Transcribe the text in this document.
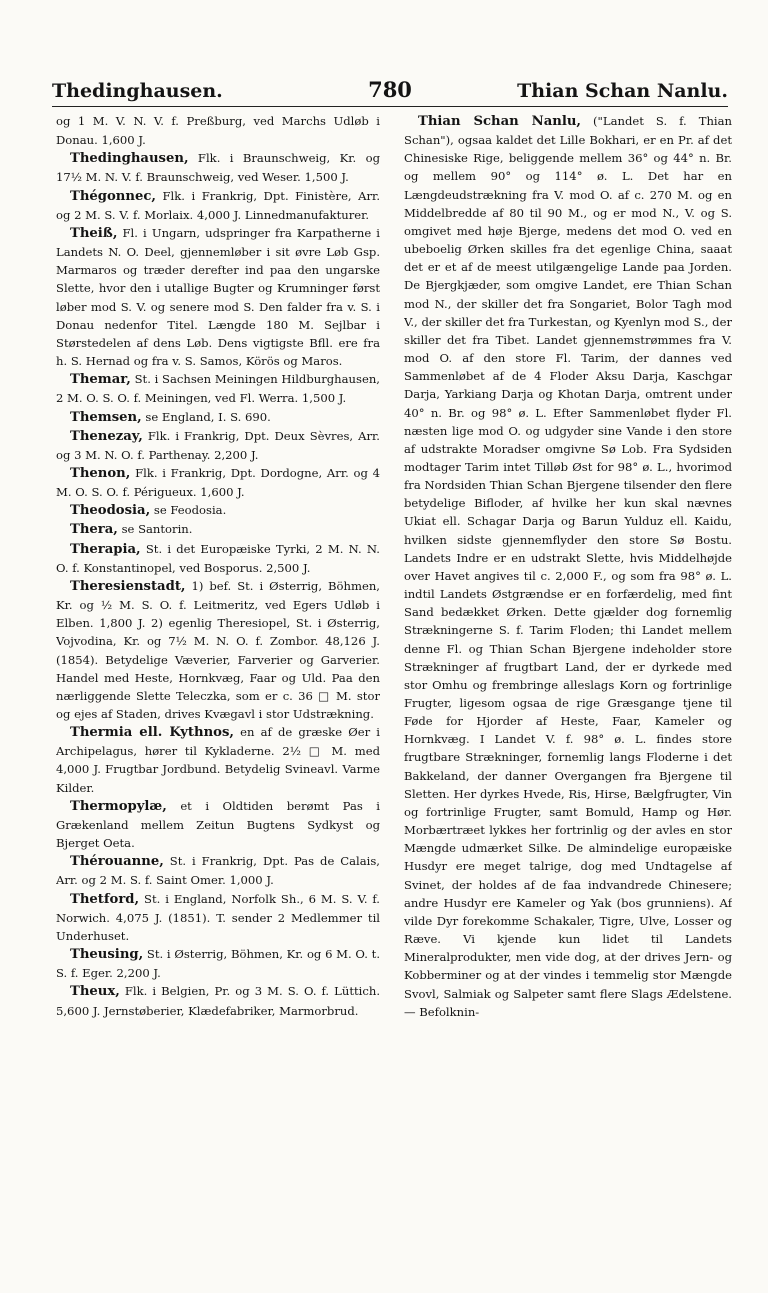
Thedinghausen.	780	Thian Schan Nanlu.

og 1 M. V. N. V. f. Preßburg, ved Marchs Udløb i Donau. 1,600 J.

Thedinghausen, Flk. i Braunschweig, Kr. og 17½ M. N. V. f. Braunschweig, ved Weser. 1,500 J.

Thégonnec, Flk. i Frankrig, Dpt. Finistère, Arr. og 2 M. S. V. f. Morlaix. 4,000 J. Linnedmanufakturer.

Theiß, Fl. i Ungarn, udspringer fra Karpatherne i Landets N. O. Deel, gjennemløber i sit øvre Løb Gsp. Marmaros og træder derefter ind paa den ungarske Slette, hvor den i utallige Bugter og Krumninger først løber mod S. V. og senere mod S. Den falder fra v. S. i Donau nedenfor Titel. Længde 180 M. Sejlbar i Størstedelen af dens Løb. Dens vigtigste Bfll. ere fra h. S. Hernad og fra v. S. Samos, Körös og Maros.

Themar, St. i Sachsen Meiningen Hildburghausen, 2 M. O. S. O. f. Meiningen, ved Fl. Werra. 1,500 J.

Themsen, se England, I. S. 690.

Thenezay, Flk. i Frankrig, Dpt. Deux Sèvres, Arr. og 3 M. N. O. f. Parthenay. 2,200 J.

Thenon, Flk. i Frankrig, Dpt. Dordogne, Arr. og 4 M. O. S. O. f. Périgueux. 1,600 J.

Theodosia, se Feodosia.

Thera, se Santorin.

Therapia, St. i det Europæiske Tyrki, 2 M. N. N. O. f. Konstantinopel, ved Bosporus. 2,500 J.

Theresienstadt, 1) bef. St. i Østerrig, Böhmen, Kr. og ½ M. S. O. f. Leitmeritz, ved Egers Udløb i Elben. 1,800 J. 2) egenlig Theresiopel, St. i Østerrig, Vojvodina, Kr. og 7½ M. N. O. f. Zombor. 48,126 J. (1854). Betydelige Væverier, Farverier og Garverier. Handel med Heste, Hornkvæg, Faar og Uld. Paa den nærliggende Slette Teleczka, som er c. 36 □ M. stor og ejes af Staden, drives Kvægavl i stor Udstrækning.

Thermia ell. Kythnos, en af de græske Øer i Archipelagus, hører til Kykladerne. 2½ □ M. med 4,000 J. Frugtbar Jordbund. Betydelig Svineavl. Varme Kilder.

Thermopylæ, et i Oldtiden berømt Pas i Grækenland mellem Zeitun Bugtens Sydkyst og Bjerget Oeta.

Thérouanne, St. i Frankrig, Dpt. Pas de Calais, Arr. og 2 M. S. f. Saint Omer. 1,000 J.

Thetford, St. i England, Norfolk Sh., 6 M. S. V. f. Norwich. 4,075 J. (1851). T. sender 2 Medlemmer til Underhuset.

Theusing, St. i Østerrig, Böhmen, Kr. og 6 M. O. t. S. f. Eger. 2,200 J.

Theux, Flk. i Belgien, Pr. og 3 M. S. O. f. Lüttich. 5,600 J. Jernstøberier, Klædefabriker, Marmorbrud.

Thian Schan Nanlu, ("Landet S. f. Thian Schan"), ogsaa kaldet det Lille Bokhari, er en Pr. af det Chinesiske Rige, beliggende mellem 36° og 44° n. Br. og mellem 90° og 114° ø. L. Det har en Længdeudstrækning fra V. mod O. af c. 270 M. og en Middelbredde af 80 til 90 M., og er mod N., V. og S. omgivet med høje Bjerge, medens det mod O. ved en ubeboelig Ørken skilles fra det egenlige China, saaat det er et af de meest utilgængelige Lande paa Jorden. De Bjergkjæder, som omgive Landet, ere Thian Schan mod N., der skiller det fra Songariet, Bolor Tagh mod V., der skiller det fra Turkestan, og Kyenlyn mod S., der skiller det fra Tibet. Landet gjennemstrømmes fra V. mod O. af den store Fl. Tarim, der dannes ved Sammenløbet af de 4 Floder Aksu Darja, Kaschgar Darja, Yarkiang Darja og Khotan Darja, omtrent under 40° n. Br. og 98° ø. L. Efter Sammenløbet flyder Fl. næsten lige mod O. og udgyder sine Vande i den store af udstrakte Moradser omgivne Sø Lob. Fra Sydsiden modtager Tarim intet Tilløb Øst for 98° ø. L., hvorimod fra Nordsiden Thian Schan Bjergene tilsender den flere betydelige Bifloder, af hvilke her kun skal nævnes Ukiat ell. Schagar Darja og Barun Yulduz ell. Kaidu, hvilken sidste gjennemflyder den store Sø Bostu. Landets Indre er en udstrakt Slette, hvis Middelhøjde over Havet angives til c. 2,000 F., og som fra 98° ø. L. indtil Landets Østgrændse er en forfærdelig, med fint Sand bedækket Ørken. Dette gjælder dog fornemlig Strækningerne S. f. Tarim Floden; thi Landet mellem denne Fl. og Thian Schan Bjergene indeholder store Strækninger af frugtbart Land, der er dyrkede med stor Omhu og frembringe alleslags Korn og fortrinlige Frugter, ligesom ogsaa de rige Græsgange tjene til Føde for Hjorder af Heste, Faar, Kameler og Hornkvæg. I Landet V. f. 98° ø. L. findes store frugtbare Strækninger, fornemlig langs Floderne i det Bakkeland, der danner Overgangen fra Bjergene til Sletten. Her dyrkes Hvede, Ris, Hirse, Bælgfrugter, Vin og fortrinlige Frugter, samt Bomuld, Hamp og Hør. Morbærtræet lykkes her fortrinlig og der avles en stor Mængde udmærket Silke. De almindelige europæiske Husdyr ere meget talrige, dog med Undtagelse af Svinet, der holdes af de faa indvandrede Chinesere; andre Husdyr ere Kameler og Yak (bos grunniens). Af vilde Dyr forekomme Schakaler, Tigre, Ulve, Losser og Ræve. Vi kjende kun lidet til Landets Mineralprodukter, men vide dog, at der drives Jern- og Kobberminer og at der vindes i temmelig stor Mængde Svovl, Salmiak og Salpeter samt flere Slags Ædelstene. — Befolknin-
